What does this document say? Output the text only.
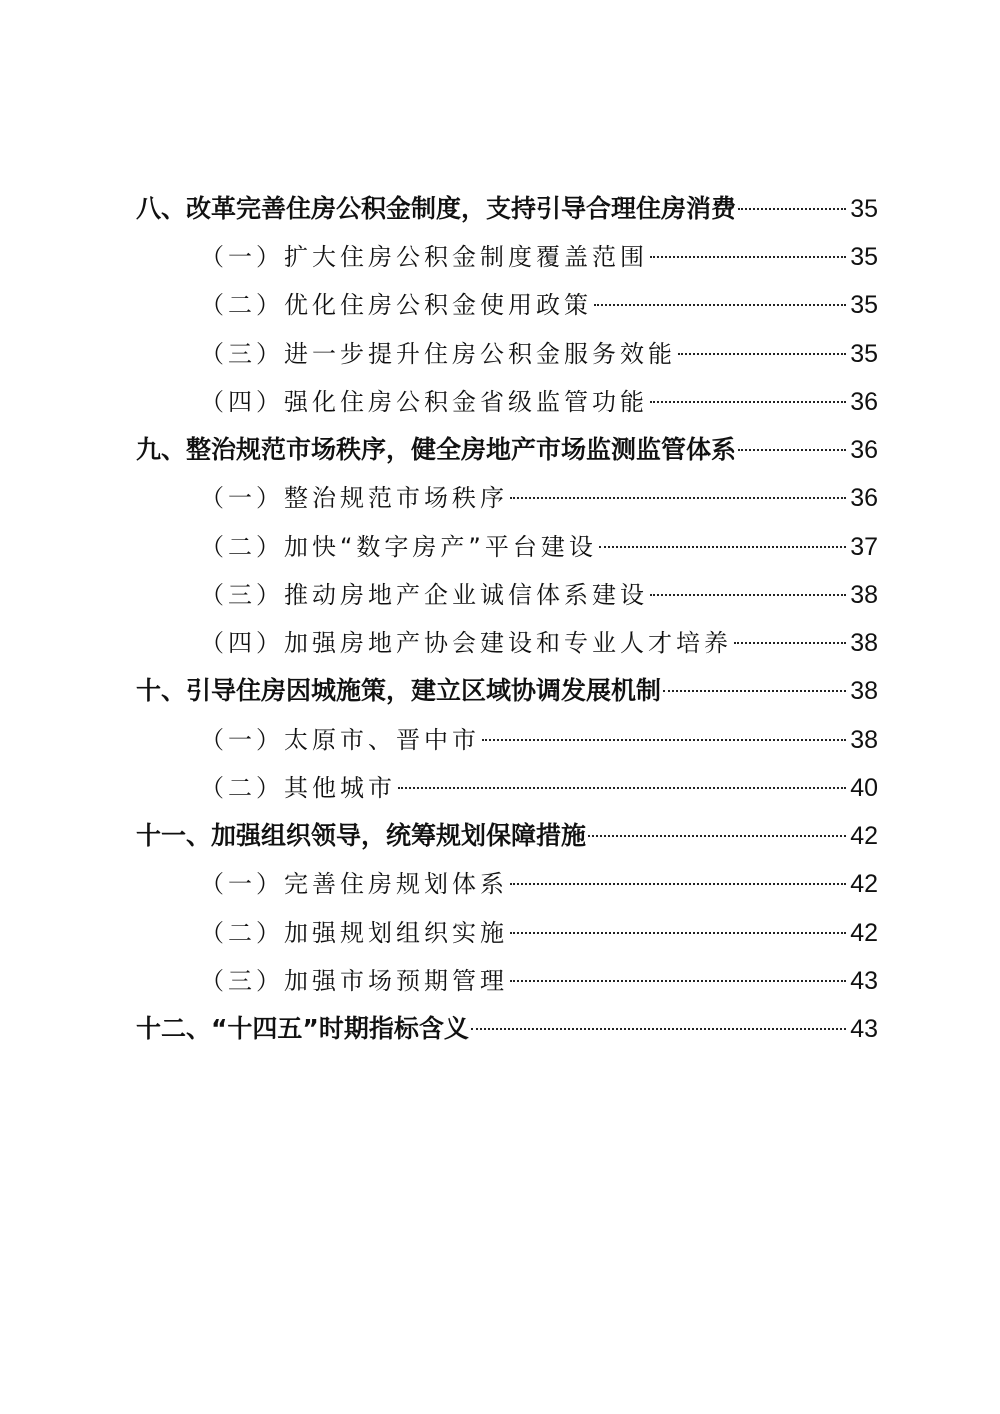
八、改革完善住房公积金制度，支持引导合理住房消费	35
（一）扩大住房公积金制度覆盖范围	35
（二）优化住房公积金使用政策	35
（三）进一步提升住房公积金服务效能	35
（四）强化住房公积金省级监管功能	36
九、整治规范市场秩序，健全房地产市场监测监管体系	36
（一）整治规范市场秩序	36
（二）加快“数字房产”平台建设	37
（三）推动房地产企业诚信体系建设	38
（四）加强房地产协会建设和专业人才培养	38
十、引导住房因城施策，建立区域协调发展机制	38
（一）太原市、晋中市	38
（二）其他城市	40
十一、加强组织领导，统筹规划保障措施	42
（一）完善住房规划体系	42
（二）加强规划组织实施	42
（三）加强市场预期管理	43
十二、“十四五”时期指标含义	43
